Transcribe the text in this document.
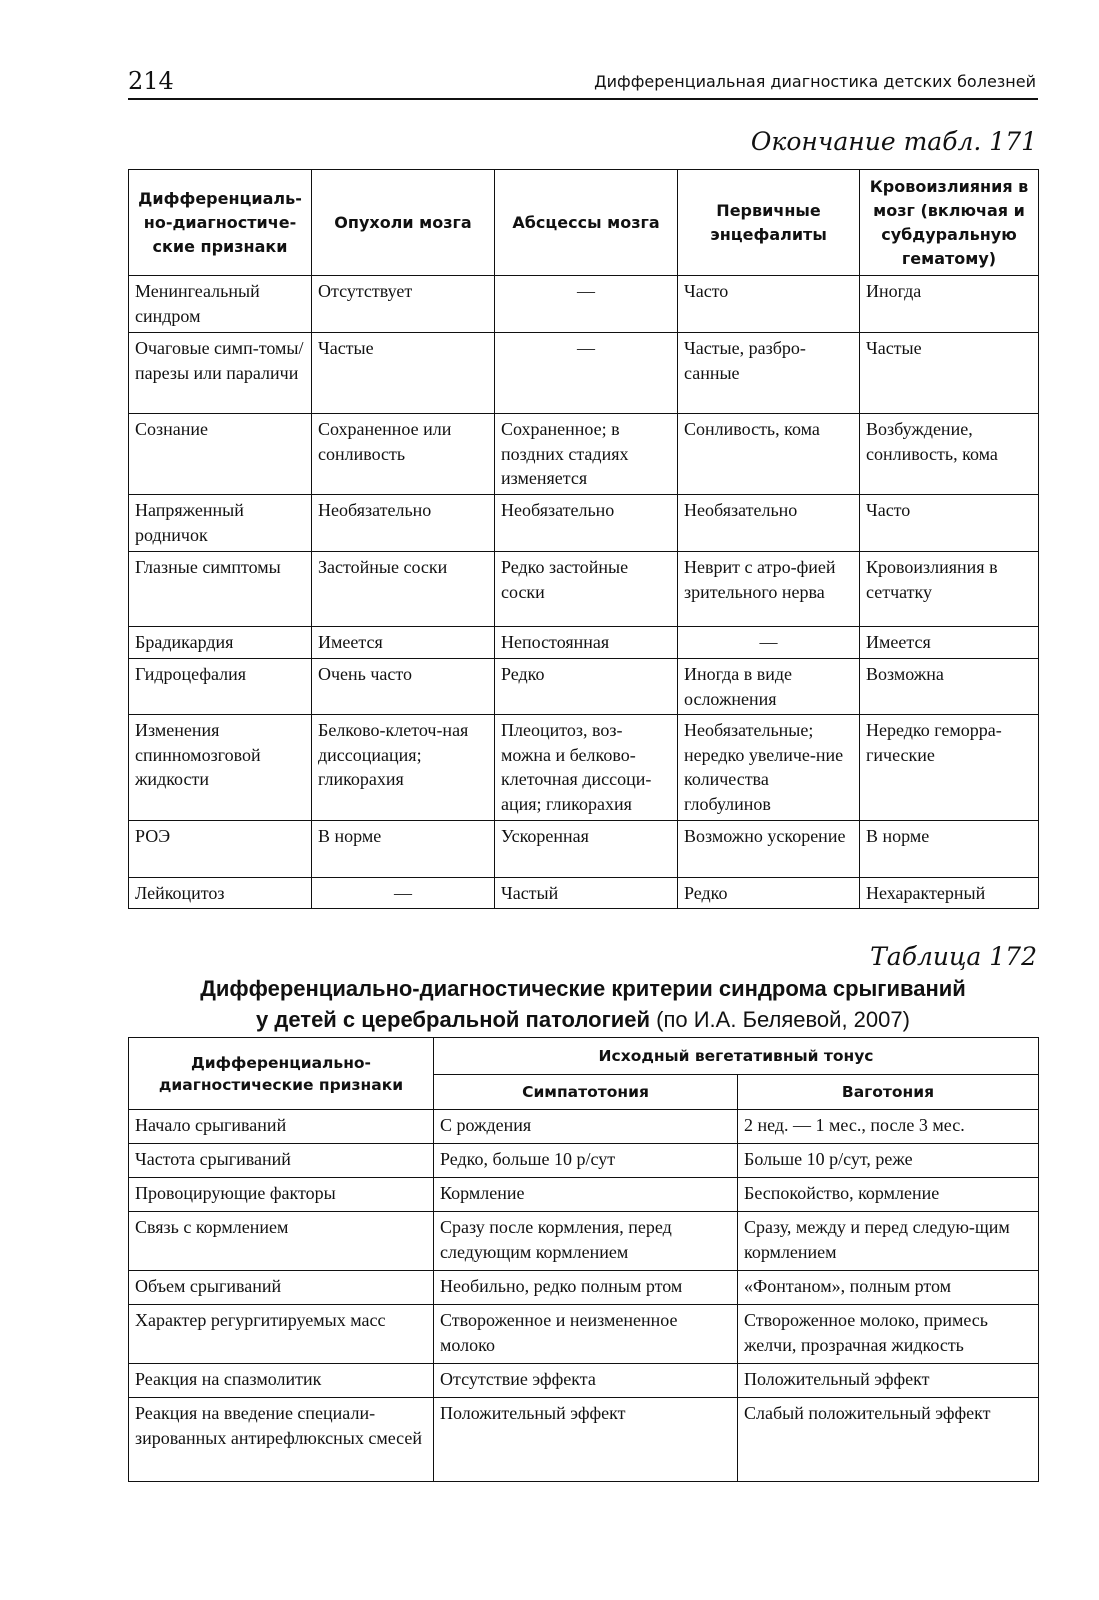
214	Дифференциальная диагностика детских болезней
Окончание табл. 171
Дифференциаль-но-диагностиче-ские признаки	Опухоли мозга	Абсцессы мозга	Первичные энцефалиты	Кровоизлияния в мозг (включая и субдуральную гематому)
Менингеальный синдром	Отсутствует	—	Часто	Иногда
Очаговые симп-томы/парезы или параличи	Частые	—	Частые, разбро-санные	Частые
Сознание	Сохраненное или сонливость	Сохраненное; в поздних стадиях изменяется	Сонливость, кома	Возбуждение, сонливость, кома
Напряженный родничок	Необязательно	Необязательно	Необязательно	Часто
Глазные симптомы	Застойные соски	Редко застойные соски	Неврит с атро-фией зрительного нерва	Кровоизлияния в сетчатку
Брадикардия	Имеется	Непостоянная	—	Имеется
Гидроцефалия	Очень часто	Редко	Иногда в виде осложнения	Возможна
Изменения спинномозговой жидкости	Белково-клеточ-ная диссоциация; гликорахия	Плеоцитоз, воз-можна и белково-клеточная диссоци-ация; гликорахия	Необязательные; нередко увеличе-ние количества глобулинов	Нередко геморра-гические
РОЭ	В норме	Ускоренная	Возможно ускорение	В норме
Лейкоцитоз	—	Частый	Редко	Нехарактерный
Таблица 172
Дифференциально-диагностические критерии синдрома срыгиваний
у детей с церебральной патологией (по И.А. Беляевой, 2007)
Дифференциально-диагностические признаки	Исходный вегетативный тонус	
	Симпатотония	Ваготония
Начало срыгиваний	С рождения	2 нед. — 1 мес., после 3 мес.
Частота срыгиваний	Редко, больше 10 р/сут	Больше 10 р/сут, реже
Провоцирующие факторы	Кормление	Беспокойство, кормление
Связь с кормлением	Сразу после кормления, перед следующим кормлением	Сразу, между и перед следую-щим кормлением
Объем срыгиваний	Необильно, редко полным ртом	«Фонтаном», полным ртом
Характер регургитируемых масс	Створоженное и неизмененное молоко	Створоженное молоко, примесь желчи, прозрачная жидкость
Реакция на спазмолитик	Отсутствие эффекта	Положительный эффект
Реакция на введение специали-зированных антирефлюксных смесей	Положительный эффект	Слабый положительный эффект
